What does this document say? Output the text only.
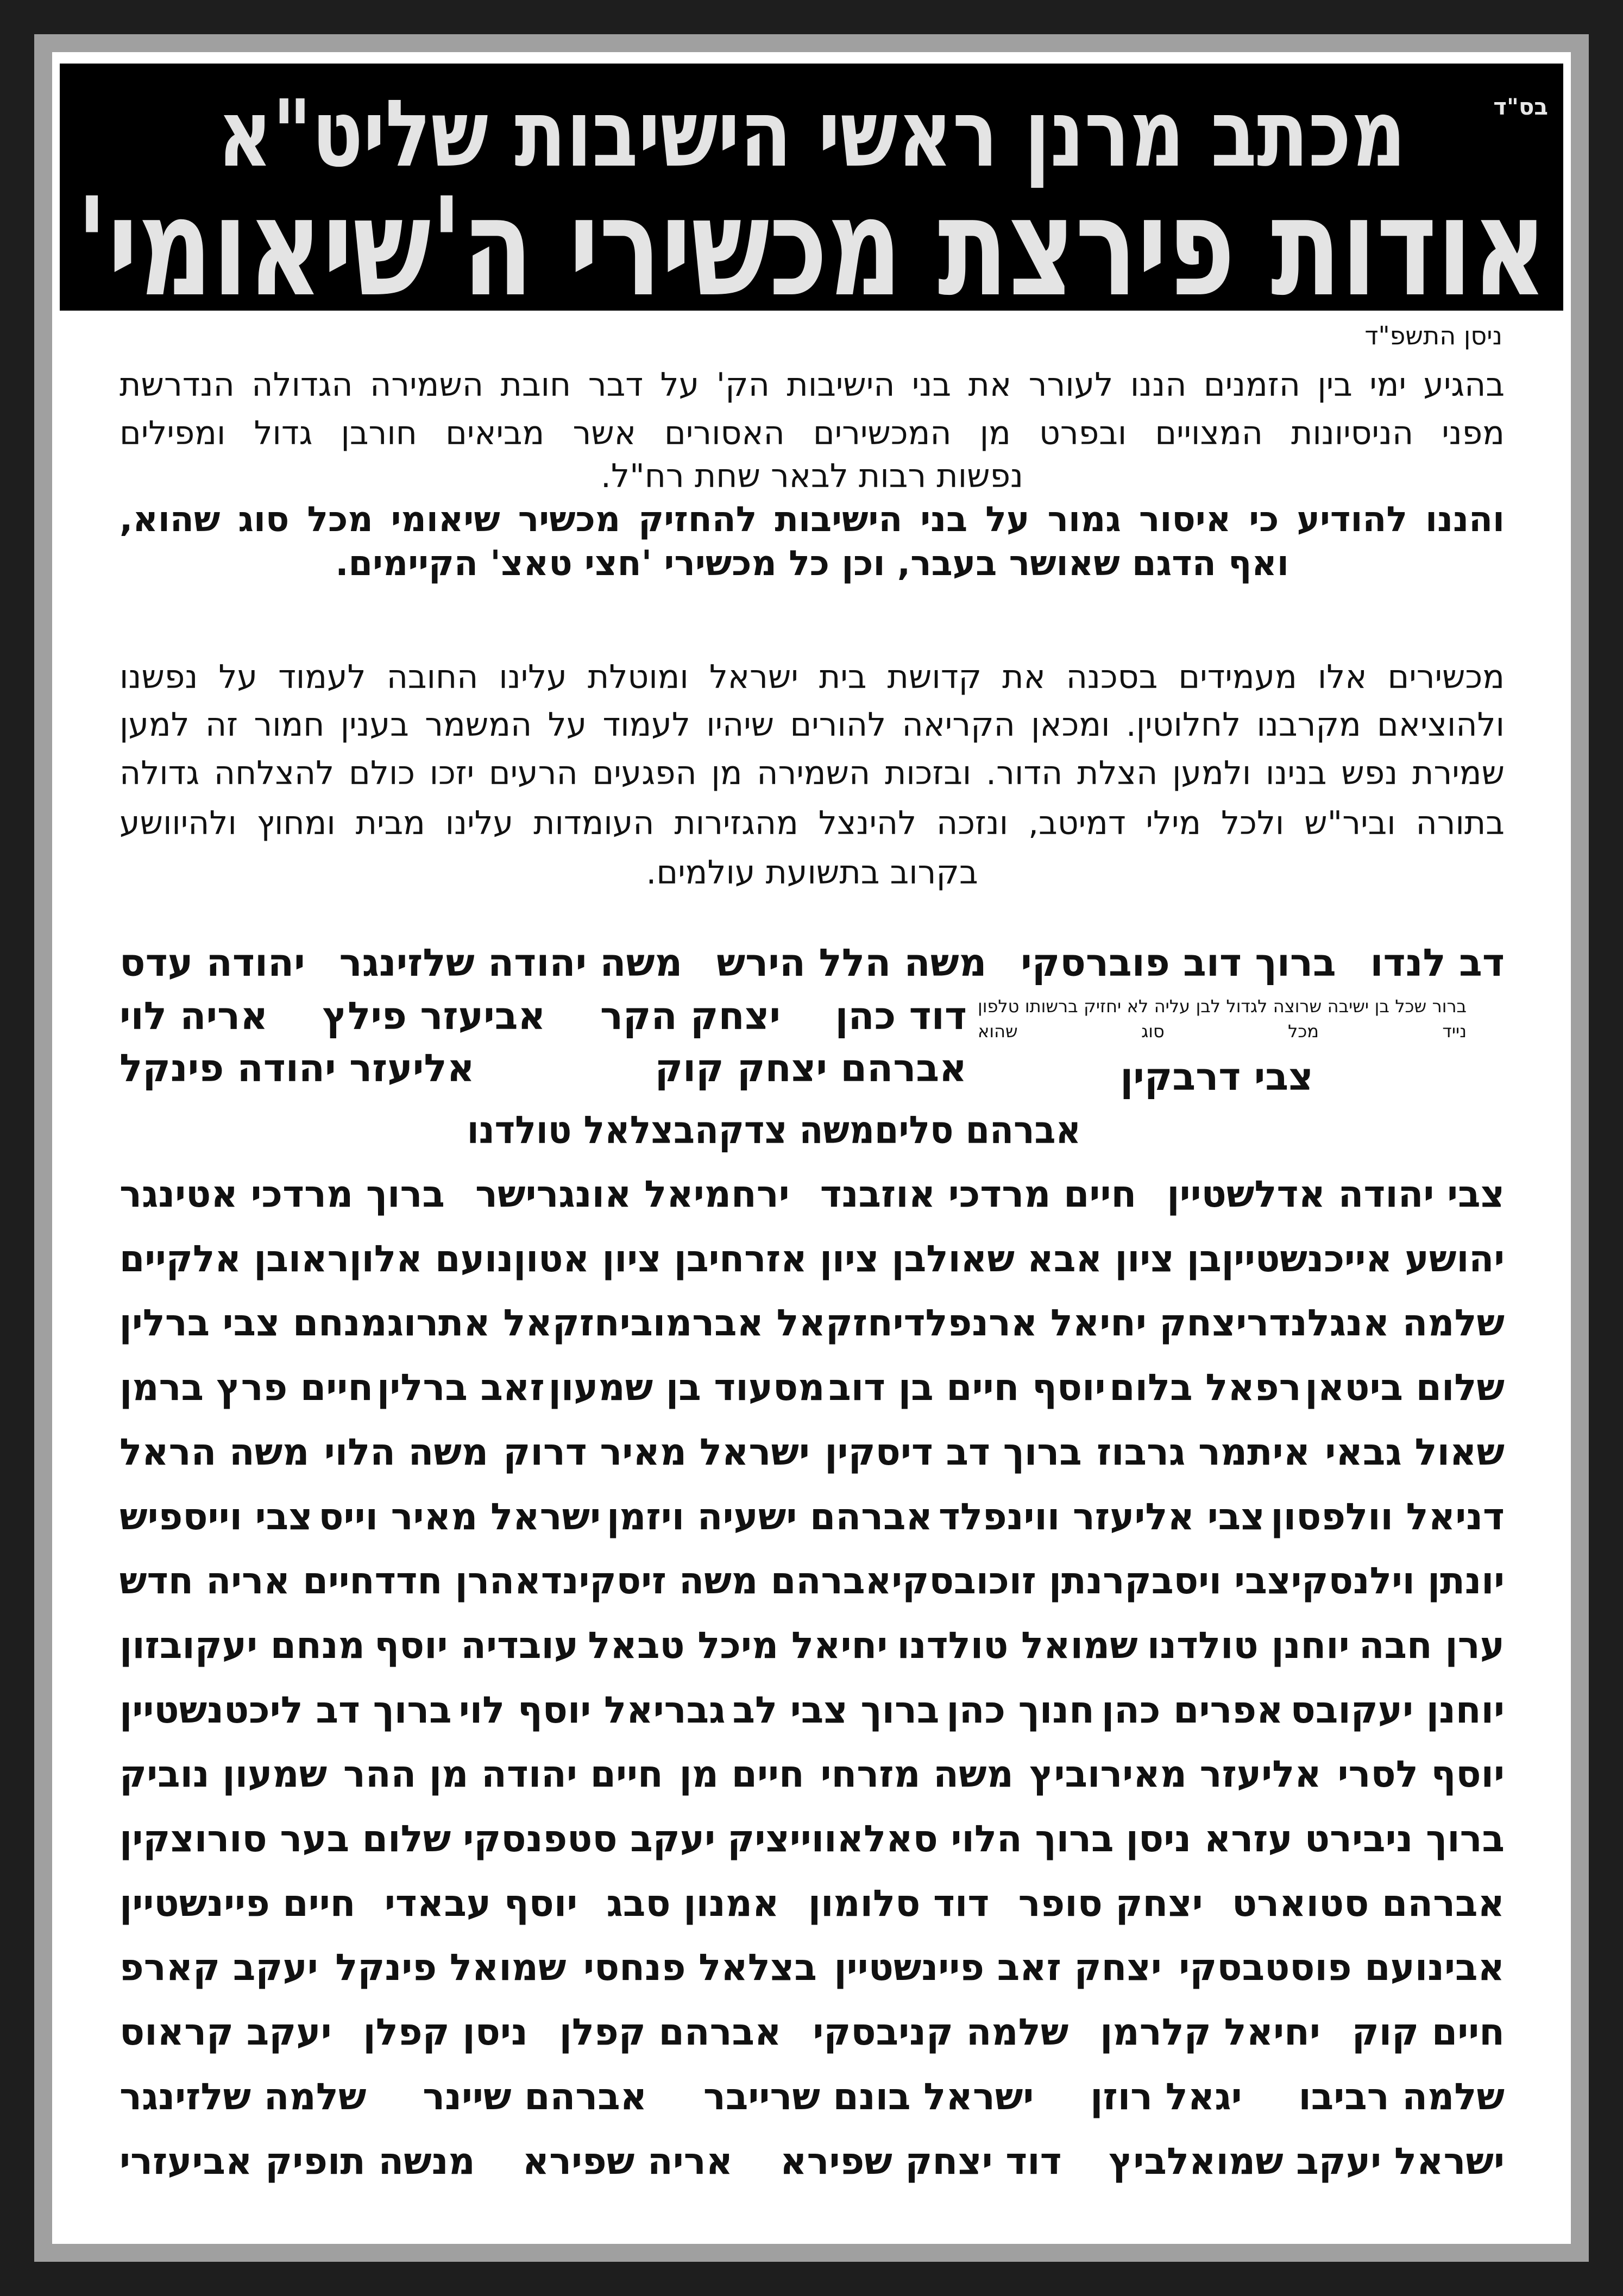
בס"ד
מכתב מרנן ראשי הישיבות שליט"א
אודות פירצת מכשירי ה'שיאומי'
ניסן התשפ"ד
בהגיע ימי בין הזמנים הננו לעורר את בני הישיבות הק' על דבר חובת השמירה הגדולה הנדרשת
מפני הניסיונות המצויים ובפרט מן המכשירים האסורים אשר מביאים חורבן גדול ומפילים
נפשות רבות לבאר שחת רח"ל.
והננו להודיע כי איסור גמור על בני הישיבות להחזיק מכשיר שיאומי מכל סוג שהוא,
ואף הדגם שאושר בעבר, וכן כל מכשירי 'חצי טאצ' הקיימים.
מכשירים אלו מעמידים בסכנה את קדושת בית ישראל ומוטלת עלינו החובה לעמוד על נפשנו
ולהוציאם מקרבנו לחלוטין. ומכאן הקריאה להורים שיהיו לעמוד על המשמר בענין חמור זה למען
שמירת נפש בנינו ולמען הצלת הדור. ובזכות השמירה מן הפגעים הרעים יזכו כולם להצלחה גדולה
בתורה וביר"ש ולכל מילי דמיטב, ונזכה להינצל מהגזירות העומדות עלינו מבית ומחוץ ולהיוושע
בקרוב בתשועת עולמים.
דב לנדו
ברוך דוב פוברסקי
משה הלל הירש
משה יהודה שלזינגר
יהודה עדס
דוד כהן
יצחק הקר
אביעזר פילץ
אריה לוי
אברהם יצחק קוק
אליעזר יהודה פינקל
אברהם סלים
משה צדקה
בצלאל טולדנו
צבי יהודה אדלשטיין
חיים מרדכי אוזבנד
ירחמיאל אונגרישר
ברוך מרדכי אטינגר
יהושע אייכנשטיין
בן ציון אבא שאול
בן ציון אזרחי
בן ציון אטון
נועם אלון
ראובן אלקיים
שלמה אנגלנדר
יצחק יחיאל ארנפלד
יחזקאל אברמוב
יחזקאל אתרוג
מנחם צבי ברלין
שלום ביטאן
רפאל בלום
יוסף חיים בן דוב
מסעוד בן שמעון
זאב ברלין
חיים פרץ ברמן
שאול גבאי
איתמר גרבוז
ברוך דב דיסקין
ישראל מאיר דרוק
משה הלוי
משה הראל
דניאל וולפסון
צבי אליעזר ווינפלד
אברהם ישעיה ויזמן
ישראל מאיר וייס
צבי וייספיש
יונתן וילנסקי
צבי ויסבקר
נתן זוכובסקי
אברהם משה זיסקינד
אהרן חדד
חיים אריה חדש
ערן חבה
יוחנן טולדנו
שמואל טולדנו
יחיאל מיכל טבאל
עובדיה יוסף
מנחם יעקובזון
יוחנן יעקובס
אפרים כהן
חנוך כהן
ברוך צבי לב
גבריאל יוסף לוי
ברוך דב ליכטנשטיין
יוסף לסרי
אליעזר מאירוביץ
משה מזרחי
חיים מן
חיים יהודה מן ההר
שמעון נוביק
ברוך ניבירט
עזרא ניסן
ברוך הלוי סאלאווייציק
יעקב סטפנסקי
שלום בער סורוצקין
אברהם סטוארט
יצחק סופר
דוד סלומון
אמנון סבג
יוסף עבאדי
חיים פיינשטיין
אבינועם פוסטבסקי
יצחק זאב פיינשטיין
בצלאל פנחסי
שמואל פינקל
יעקב קארפ
חיים קוק
יחיאל קלרמן
שלמה קניבסקי
אברהם קפלן
ניסן קפלן
יעקב קראוס
שלמה רביבו
יגאל רוזן
ישראל בונם שרייבר
אברהם שיינר
שלמה שלזינגר
ישראל יעקב שמואלביץ
דוד יצחק שפירא
אריה שפירא
מנשה תופיק אביעזרי
ברור שכל בן ישיבה שרוצה לגדול לבן עליה לא יחזיק ברשותו טלפון נייד מכל סוג שהוא
צבי דרבקין
